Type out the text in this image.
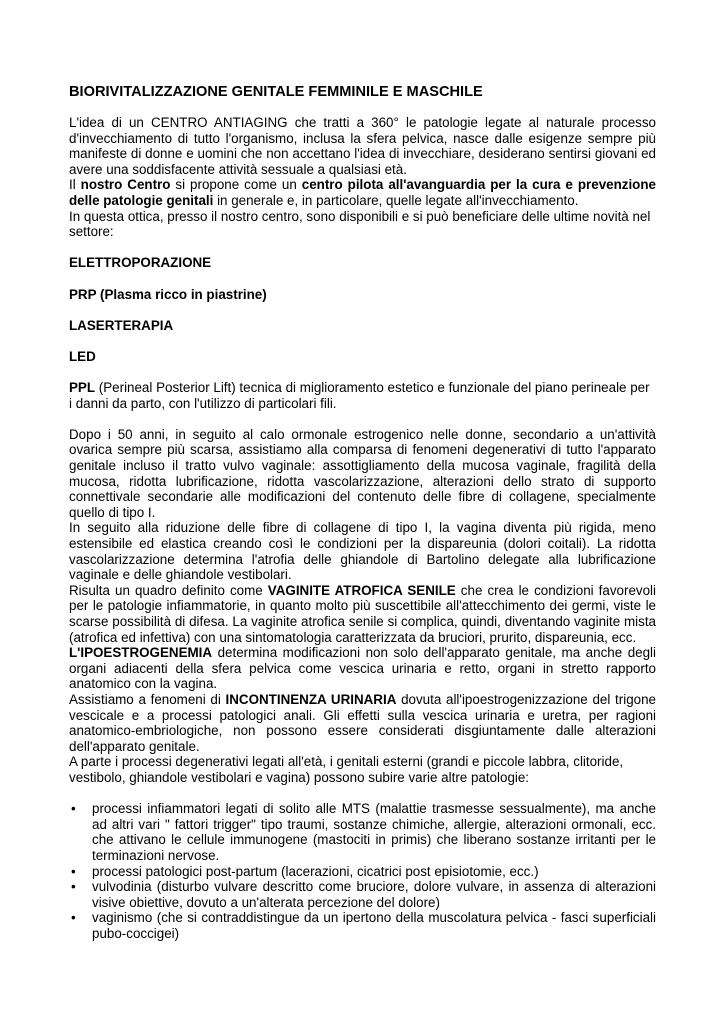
BIORIVITALIZZAZIONE GENITALE FEMMINILE E MASCHILE

L'idea di un CENTRO ANTIAGING che tratti a 360° le patologie legate al naturale processo d'invecchiamento di tutto l'organismo, inclusa la sfera pelvica, nasce dalle esigenze sempre più manifeste di donne e uomini che non accettano l'idea di invecchiare, desiderano sentirsi giovani ed avere una soddisfacente attività sessuale a qualsiasi età.

Il nostro Centro si propone come un centro pilota all'avanguardia per la cura e prevenzione delle patologie genitali in generale e, in particolare, quelle legate all'invecchiamento.

In questa ottica, presso il nostro centro, sono disponibili e si può beneficiare delle ultime novità nel settore:

ELETTROPORAZIONE

PRP (Plasma ricco in piastrine)

LASERTERAPIA

LED

PPL (Perineal Posterior Lift) tecnica di miglioramento estetico e funzionale del piano perineale per i danni da parto, con l'utilizzo di particolari fili.

Dopo i 50 anni, in seguito al calo ormonale estrogenico nelle donne, secondario a un'attività ovarica sempre più scarsa, assistiamo alla comparsa di fenomeni degenerativi di tutto l'apparato genitale incluso il tratto vulvo vaginale: assottigliamento della mucosa vaginale, fragilità della mucosa, ridotta lubrificazione, ridotta vascolarizzazione, alterazioni dello strato di supporto connettivale secondarie alle modificazioni del contenuto delle fibre di collagene, specialmente quello di tipo I.

In seguito alla riduzione delle fibre di collagene di tipo I, la vagina diventa più rigida, meno estensibile ed elastica creando così le condizioni per la dispareunia (dolori coitali). La ridotta vascolarizzazione determina l'atrofia delle ghiandole di Bartolino delegate alla lubrificazione vaginale e delle ghiandole vestibolari.

Risulta un quadro definito come VAGINITE ATROFICA SENILE che crea le condizioni favorevoli per le patologie infiammatorie, in quanto molto più suscettibile all'attecchimento dei germi, viste le scarse possibilità di difesa. La vaginite atrofica senile si complica, quindi, diventando vaginite mista (atrofica ed infettiva) con una sintomatologia caratterizzata da bruciori, prurito, dispareunia, ecc.

L'IPOESTROGENEMIA determina modificazioni non solo dell'apparato genitale, ma anche degli organi adiacenti della sfera pelvica come vescica urinaria e retto, organi in stretto rapporto anatomico con la vagina.

Assistiamo a fenomeni di INCONTINENZA URINARIA dovuta all'ipoestrogenizzazione del trigone vescicale e a processi patologici anali. Gli effetti sulla vescica urinaria e uretra, per ragioni anatomico-embriologiche, non possono essere considerati disgiuntamente dalle alterazioni dell'apparato genitale.

A parte i processi degenerativi legati all'età, i genitali esterni (grandi e piccole labbra, clitoride, vestibolo, ghiandole vestibolari e vagina) possono subire varie altre patologie:

• processi infiammatori legati di solito alle MTS (malattie trasmesse sessualmente), ma anche ad altri vari " fattori trigger" tipo traumi, sostanze chimiche, allergie, alterazioni ormonali, ecc. che attivano le cellule immunogene (mastociti in primis) che liberano sostanze irritanti per le terminazioni nervose.
• processi patologici post-partum (lacerazioni, cicatrici post episiotomie, ecc.)
• vulvodinia (disturbo vulvare descritto come bruciore, dolore vulvare, in assenza di alterazioni visive obiettive, dovuto a un'alterata percezione del dolore)
• vaginismo (che si contraddistingue da un ipertono della muscolatura pelvica - fasci superficiali pubo-coccigei)
